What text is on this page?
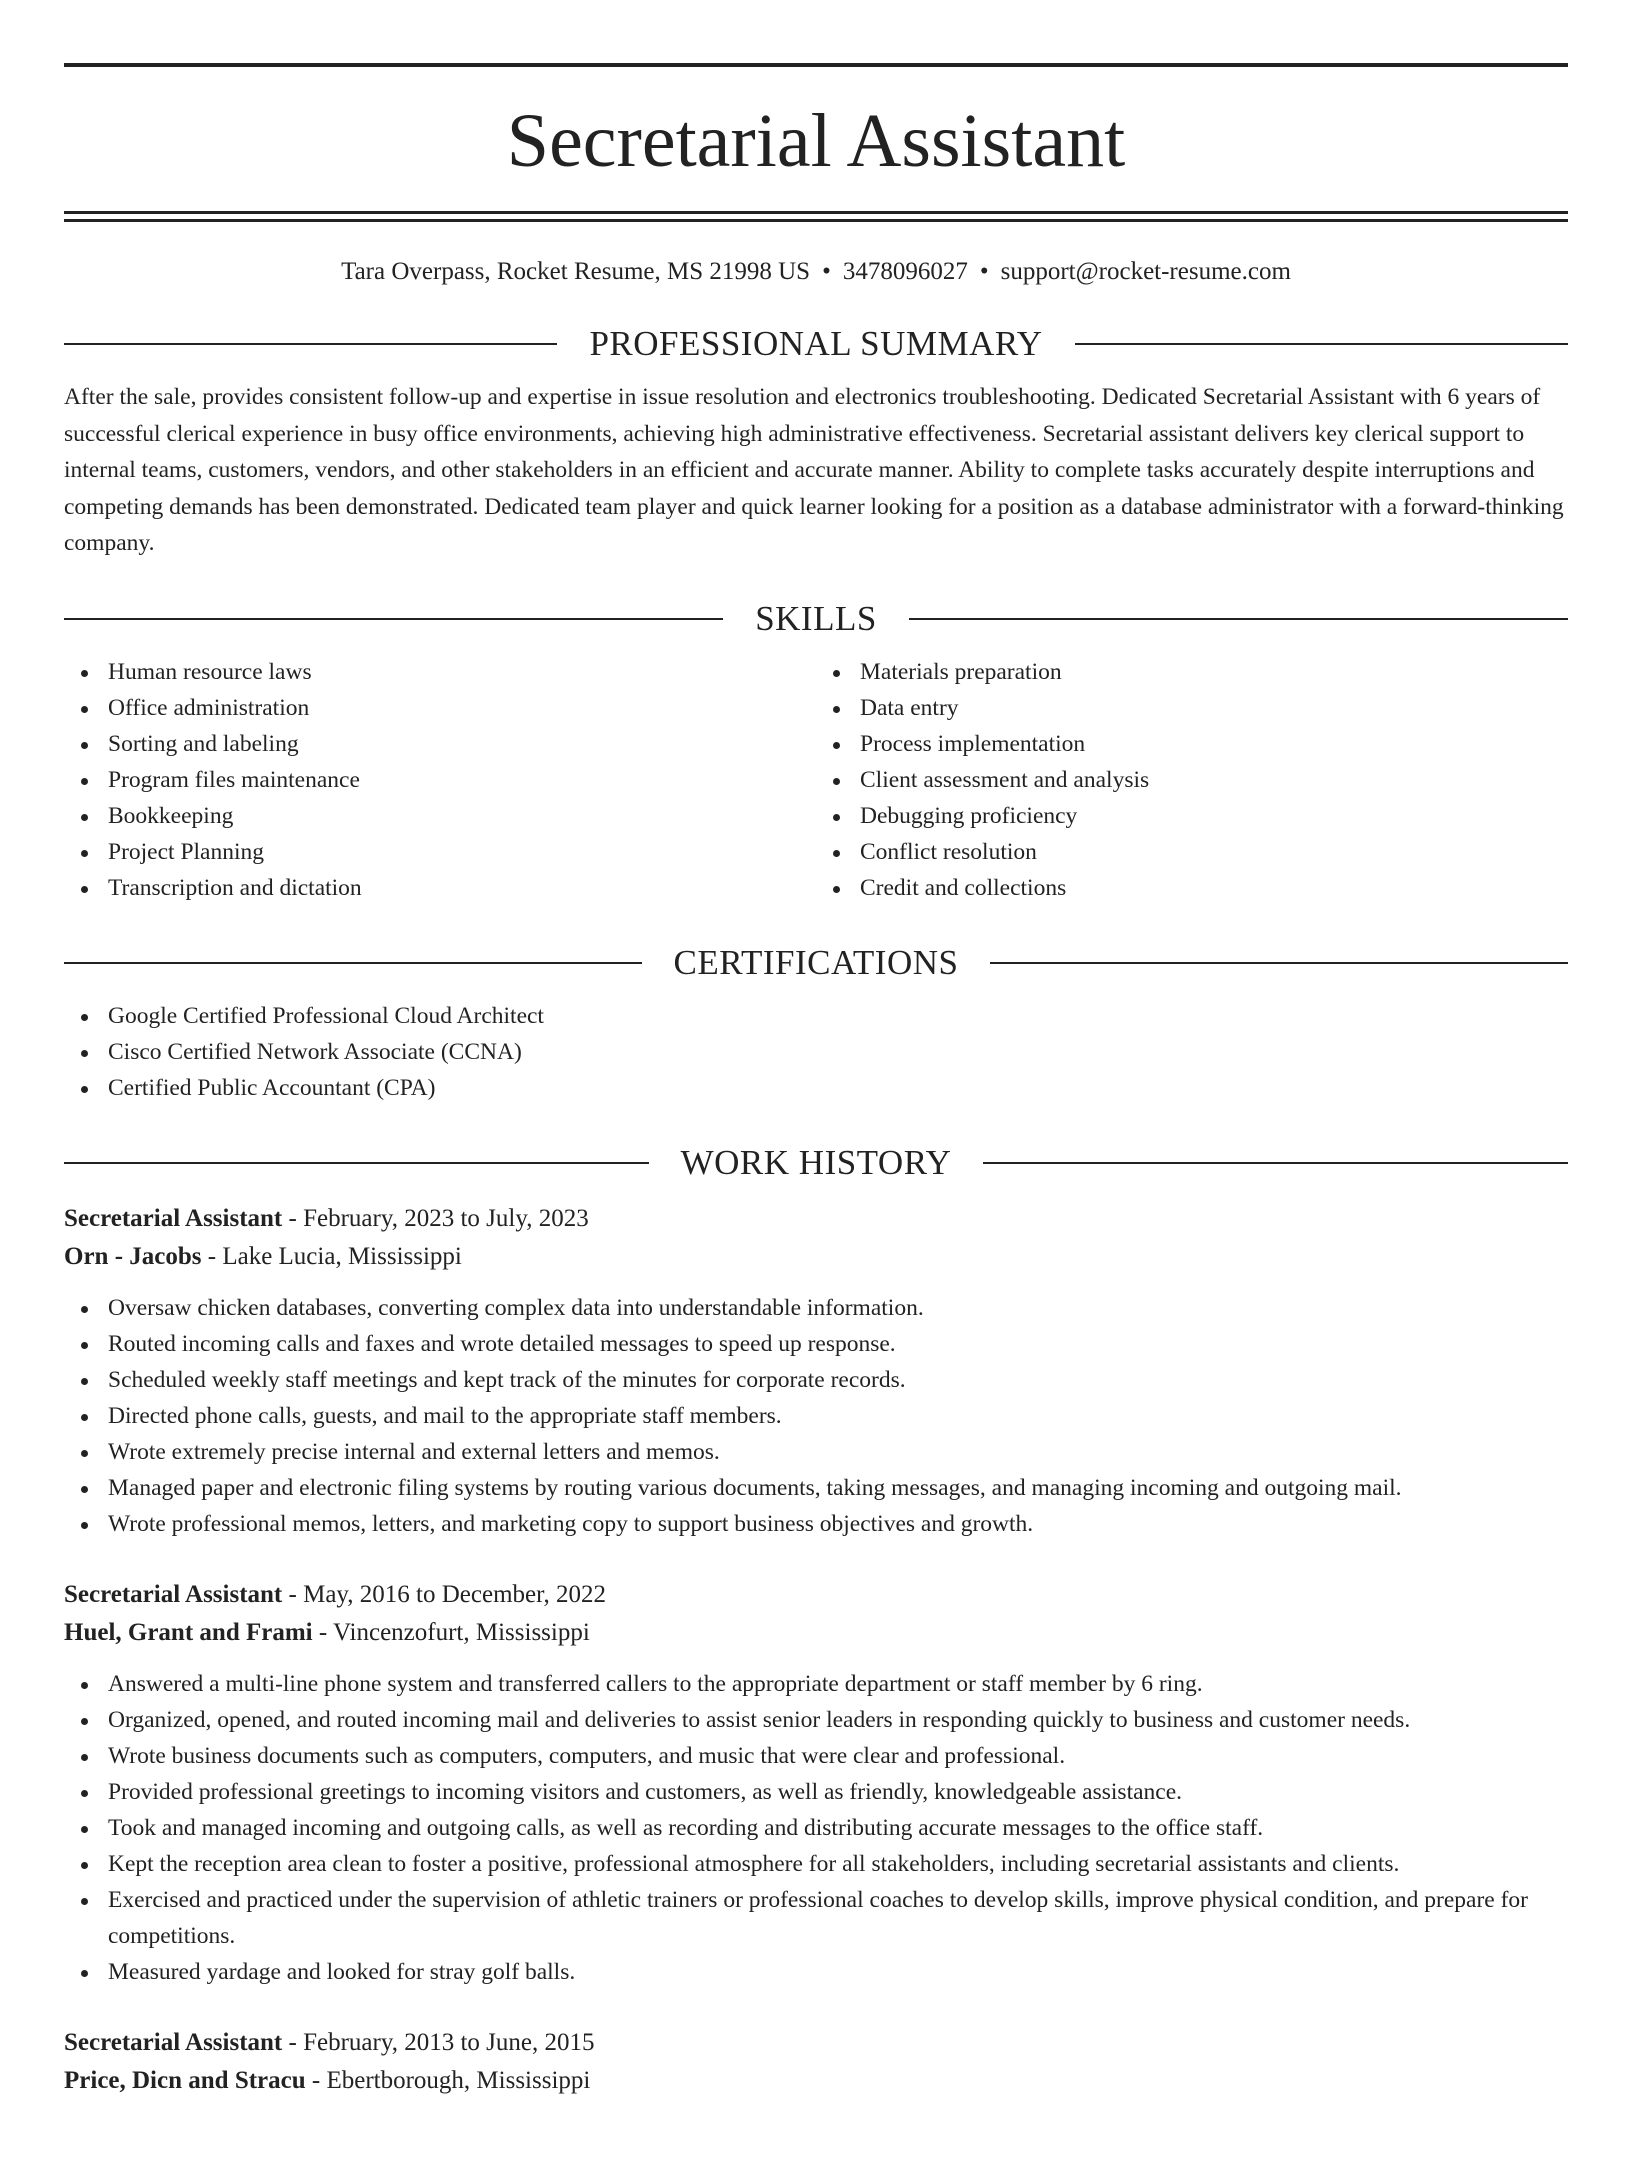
Secretarial Assistant
Tara Overpass, Rocket Resume, MS 21998 US • 3478096027 • support@rocket-resume.com
PROFESSIONAL SUMMARY

After the sale, provides consistent follow-up and expertise in issue resolution and electronics troubleshooting. Dedicated Secretarial Assistant with 6 years of successful clerical experience in busy office environments, achieving high administrative effectiveness. Secretarial assistant delivers key clerical support to internal teams, customers, vendors, and other stakeholders in an efficient and accurate manner. Ability to complete tasks accurately despite interruptions and competing demands has been demonstrated. Dedicated team player and quick learner looking for a position as a database administrator with a forward-thinking company.

SKILLS
Human resource laws
Office administration
Sorting and labeling
Program files maintenance
Bookkeeping
Project Planning
Transcription and dictation
Materials preparation
Data entry
Process implementation
Client assessment and analysis
Debugging proficiency
Conflict resolution
Credit and collections
CERTIFICATIONS
Google Certified Professional Cloud Architect
Cisco Certified Network Associate (CCNA)
Certified Public Accountant (CPA)
WORK HISTORY
Secretarial Assistant - February, 2023 to July, 2023
Orn - Jacobs - Lake Lucia, Mississippi
Oversaw chicken databases, converting complex data into understandable information.
Routed incoming calls and faxes and wrote detailed messages to speed up response.
Scheduled weekly staff meetings and kept track of the minutes for corporate records.
Directed phone calls, guests, and mail to the appropriate staff members.
Wrote extremely precise internal and external letters and memos.
Managed paper and electronic filing systems by routing various documents, taking messages, and managing incoming and outgoing mail.
Wrote professional memos, letters, and marketing copy to support business objectives and growth.
Secretarial Assistant - May, 2016 to December, 2022
Huel, Grant and Frami - Vincenzofurt, Mississippi
Answered a multi-line phone system and transferred callers to the appropriate department or staff member by 6 ring.
Organized, opened, and routed incoming mail and deliveries to assist senior leaders in responding quickly to business and customer needs.
Wrote business documents such as computers, computers, and music that were clear and professional.
Provided professional greetings to incoming visitors and customers, as well as friendly, knowledgeable assistance.
Took and managed incoming and outgoing calls, as well as recording and distributing accurate messages to the office staff.
Kept the reception area clean to foster a positive, professional atmosphere for all stakeholders, including secretarial assistants and clients.
Exercised and practiced under the supervision of athletic trainers or professional coaches to develop skills, improve physical condition, and prepare for competitions.
Measured yardage and looked for stray golf balls.
Secretarial Assistant - February, 2013 to June, 2015
Price, Dicn and Stracu - Ebertborough, Mississippi
